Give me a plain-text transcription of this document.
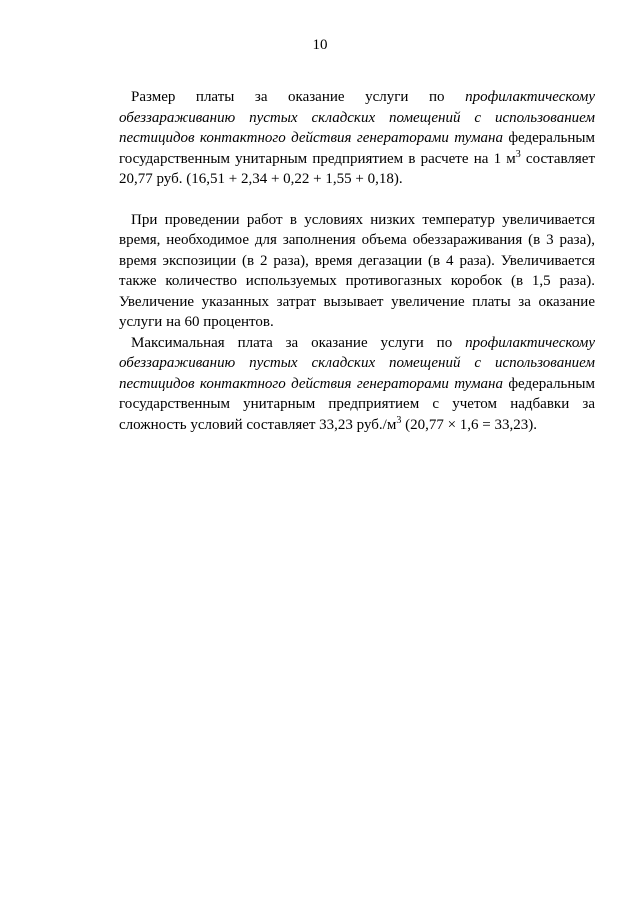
10

Размер платы за оказание услуги по профилактическому обеззараживанию пустых складских помещений с использованием пестицидов контактного действия генераторами тумана федеральным государственным унитарным предприятием в расчете на 1 $м^3$ составляет 20,77 руб. (16,51 + 2,34 + 0,22 + 1,55 + 0,18).

При проведении работ в условиях низких температур увеличивается время, необходимое для заполнения объема обеззараживания (в 3 раза), время экспозиции (в 2 раза), время дегазации (в 4 раза). Увеличивается также количество используемых противогазных коробок (в 1,5 раза). Увеличение указанных затрат вызывает увеличение платы за оказание услуги на 60 процентов.

Максимальная плата за оказание услуги по профилактическому обеззараживанию пустых складских помещений с использованием пестицидов контактного действия генераторами тумана федеральным государственным унитарным предприятием с учетом надбавки за сложность условий составляет 33,23 $руб./м^3$ (20,77 × 1,6 = 33,23).
